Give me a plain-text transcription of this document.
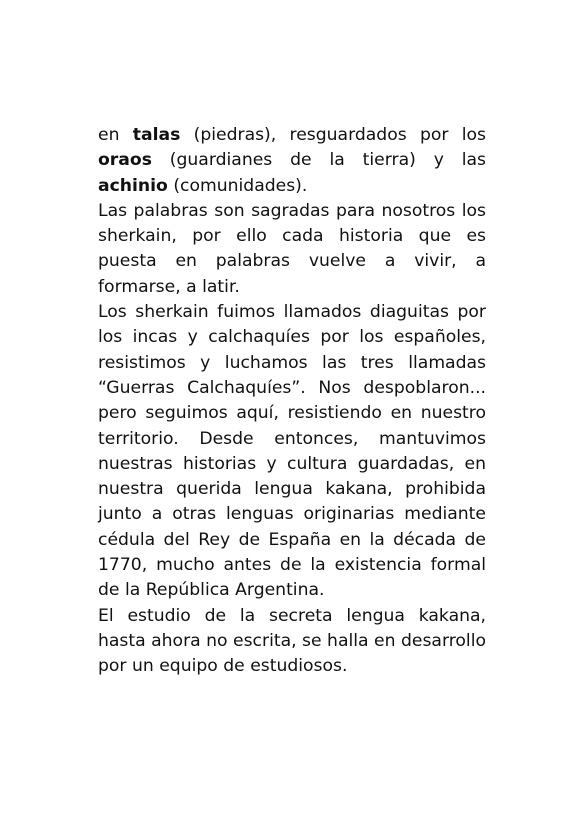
en talas (piedras), resguardados por los oraos (guardianes de la tierra) y las achinio (comunidades).

Las palabras son sagradas para nosotros los sherkain, por ello cada historia que es puesta en palabras vuelve a vivir, a formarse, a latir.

Los sherkain fuimos llamados diaguitas por los incas y calchaquíes por los españoles, resistimos y luchamos las tres llamadas “Guerras Calchaquíes”. Nos despoblaron... pero seguimos aquí, resistiendo en nuestro territorio. Desde entonces, mantuvimos nuestras historias y cultura guardadas, en nuestra querida lengua kakana, prohibida junto a otras lenguas originarias mediante cédula del Rey de España en la década de 1770, mucho antes de la existencia formal de la República Argentina.

El estudio de la secreta lengua kakana, hasta ahora no escrita, se halla en desarrollo por un equipo de estudiosos.
